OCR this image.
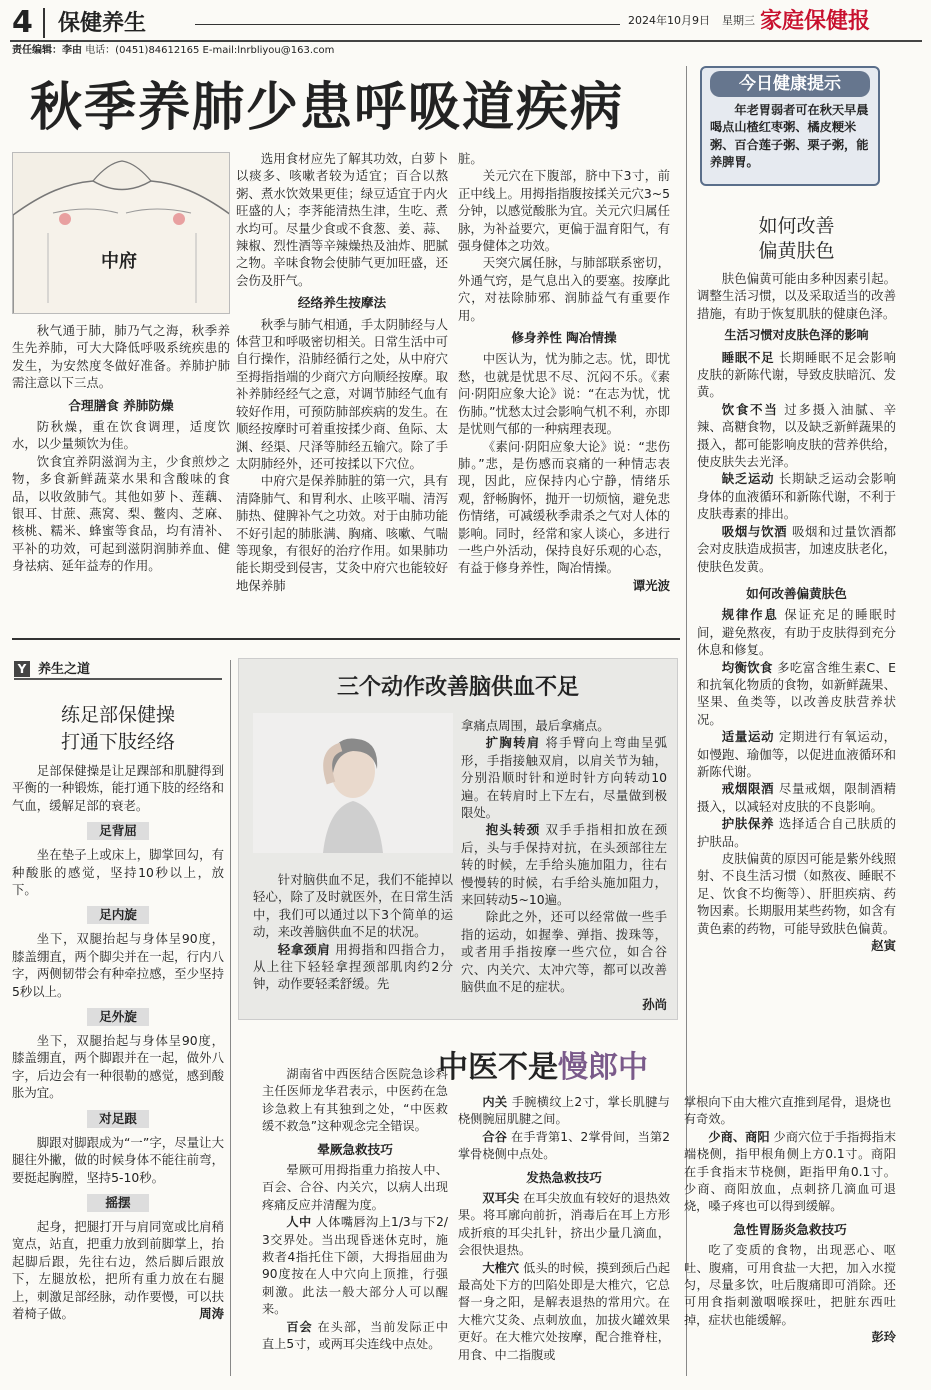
4 保健养生	2024年10月9日 星期三 家庭保健报
责任编辑：李由 电话：(0451)84612165 E-mail:lnrbliyou@163.com
秋季养肺少患呼吸道疾病
中府

秋气通于肺，肺乃气之海，秋季养生先养肺，可大大降低呼吸系统疾患的发生，为安然度冬做好准备。养肺护肺需注意以下三点。

合理膳食 养肺防燥

防秋燥，重在饮食调理，适度饮水，以少量频饮为佳。

饮食宜养阴滋润为主，少食煎炒之物，多食新鲜蔬菜水果和含酸味的食品，以收敛肺气。其他如萝卜、莲藕、银耳、甘蔗、燕窝、梨、鳖肉、芝麻、核桃、糯米、蜂蜜等食品，均有清补、平补的功效，可起到滋阴润肺养血、健身祛病、延年益寿的作用。

选用食材应先了解其功效，白萝卜以痰多、咳嗽者较为适宜；百合以熬粥、煮水饮效果更佳；绿豆适宜于内火旺盛的人；李荠能清热生津，生吃、煮水均可。尽量少食或不食葱、姜、蒜、辣椒、烈性酒等辛辣燥热及油炸、肥腻之物。辛味食物会使肺气更加旺盛，还会伤及肝气。

经络养生按摩法

秋季与肺气相通，手太阴肺经与人体营卫和呼吸密切相关。日常生活中可自行操作，沿肺经循行之处，从中府穴至拇指指端的少商穴方向顺经按摩。取补养肺经经气之意，对调节肺经气血有较好作用，可预防肺部疾病的发生。在顺经按摩时可着重按揉少商、鱼际、太渊、经渠、尺泽等肺经五输穴。除了手太阴肺经外，还可按揉以下穴位。

中府穴是保养肺脏的第一穴，具有清降肺气、和胃利水、止咳平喘、清泻肺热、健脾补气之功效。对于由肺功能不好引起的肺胀满、胸痛、咳嗽、气喘等现象，有很好的治疗作用。如果肺功能长期受到侵害，艾灸中府穴也能较好地保养肺

脏。

关元穴在下腹部，脐中下3寸，前正中线上。用拇指指腹按揉关元穴3~5分钟，以感觉酸胀为宜。关元穴归属任脉，为补益要穴，更偏于温育阳气，有强身健体之功效。

天突穴属任脉，与肺部联系密切，外通气窍，是气息出入的要塞。按摩此穴，对祛除肺邪、润肺益气有重要作用。

修身养性 陶冶情操

中医认为，忧为肺之志。忧，即忧愁，也就是忧思不尽、沉闷不乐。《素问·阴阳应象大论》说：“在志为忧，忧伤肺。”忧愁太过会影响气机不利，亦即是忧则气郁的一种病理表现。

《素问·阴阳应象大论》说：“悲伤肺。”悲，是伤感而哀痛的一种情志表现，因此，应保持内心宁静，情绪乐观，舒畅胸怀，抛开一切烦恼，避免悲伤情绪，可减缓秋季肃杀之气对人体的影响。同时，经常和家人谈心，多进行一些户外活动，保持良好乐观的心态，有益于修身养性，陶冶情操。

谭光波
今日健康提示
年老胃弱者可在秋天早晨喝点山楂红枣粥、橘皮粳米粥、百合莲子粥、栗子粥，能养脾胃。
如何改善
偏黄肤色

肤色偏黄可能由多种因素引起。调整生活习惯，以及采取适当的改善措施，有助于恢复肌肤的健康色泽。

生活习惯对皮肤色泽的影响

睡眠不足 长期睡眠不足会影响皮肤的新陈代谢，导致皮肤暗沉、发黄。

饮食不当 过多摄入油腻、辛辣、高糖食物，以及缺乏新鲜蔬果的摄入，都可能影响皮肤的营养供给，使皮肤失去光泽。

缺乏运动 长期缺乏运动会影响身体的血液循环和新陈代谢，不利于皮肤毒素的排出。

吸烟与饮酒 吸烟和过量饮酒都会对皮肤造成损害，加速皮肤老化，使肤色发黄。

如何改善偏黄肤色

规律作息 保证充足的睡眠时间，避免熬夜，有助于皮肤得到充分休息和修复。

均衡饮食 多吃富含维生素C、E和抗氧化物质的食物，如新鲜蔬果、坚果、鱼类等，以改善皮肤营养状况。

适量运动 定期进行有氧运动，如慢跑、瑜伽等，以促进血液循环和新陈代谢。

戒烟限酒 尽量戒烟，限制酒精摄入，以减轻对皮肤的不良影响。

护肤保养 选择适合自己肤质的护肤品。

皮肤偏黄的原因可能是紫外线照射、不良生活习惯（如熬夜、睡眠不足、饮食不均衡等）、肝胆疾病、药物因素。长期服用某些药物，如含有黄色素的药物，可能导致肤色偏黄。

赵寅
Y 养生之道
练足部保健操
打通下肢经络

足部保健操是让足踝部和肌腱得到平衡的一种锻炼，能打通下肢的经络和气血，缓解足部的衰老。

足背屈

坐在垫子上或床上，脚掌回勾，有种酸胀的感觉，坚持10秒以上，放下。

足内旋

坐下，双腿抬起与身体呈90度，膝盖绷直，两个脚尖并在一起，行内八字，两侧韧带会有种牵拉感，至少坚持5秒以上。

足外旋

坐下，双腿抬起与身体呈90度，膝盖绷直，两个脚跟并在一起，做外八字，后边会有一种很勒的感觉，感到酸胀为宜。

对足跟

脚跟对脚跟成为“一”字，尽量让大腿往外撇，做的时候身体不能往前弯，要挺起胸膛，坚持5-10秒。

摇摆

起身，把腿打开与肩同宽或比肩稍宽点，站直，把重力放到前脚掌上，抬起脚后跟，先往右边，然后脚后跟放下，左腿放松，把所有重力放在右腿上，刺激足部经脉，动作要慢，可以扶着椅子做。	周涛
三个动作改善脑供血不足

针对脑供血不足，我们不能掉以轻心，除了及时就医外，在日常生活中，我们可以通过以下3个简单的运动，来改善脑供血不足的状况。

轻拿颈肩 用拇指和四指合力，从上往下轻轻拿捏颈部肌肉约2分钟，动作要轻柔舒缓。先

拿痛点周围，最后拿痛点。

扩胸转肩 将手臂向上弯曲呈弧形，手指接触双肩，以肩关节为轴，分别沿顺时针和逆时针方向转动10遍。在转肩时上下左右，尽量做到极限处。

抱头转颈 双手手指相扣放在颈后，头与手保持对抗，在头颈部往左转的时候，左手给头施加阻力，往右慢慢转的时候，右手给头施加阻力，来回转动5~10遍。

除此之外，还可以经常做一些手指的运动，如握拳、弹指、拨珠等，或者用手指按摩一些穴位，如合谷穴、内关穴、太冲穴等，都可以改善脑供血不足的症状。

孙尚
中医不是慢郎中

湖南省中西医结合医院急诊科主任医师龙华君表示，中医药在急诊急救上有其独到之处，“中医救缓不救急”这种观念完全错误。

晕厥急救技巧

晕厥可用拇指重力掐按人中、百会、合谷、内关穴，以病人出现疼痛反应并清醒为度。

人中 人体嘴唇沟上1/3与下2/3交界处。当出现昏迷休克时，施救者4指托住下颌，大拇指屈曲为90度按在人中穴向上顶推，行强刺激。此法一般大部分人可以醒来。

百会 在头部，当前发际正中直上5寸，或两耳尖连线中点处。

内关 手腕横纹上2寸，掌长肌腱与桡侧腕屈肌腱之间。

合谷 在手背第1、2掌骨间，当第2掌骨桡侧中点处。

发热急救技巧

双耳尖 在耳尖放血有较好的退热效果。将耳廓向前折，消毒后在耳上方形成折痕的耳尖扎针，挤出少量几滴血，会很快退热。

大椎穴 低头的时候，摸到颈后凸起最高处下方的凹陷处即是大椎穴，它总督一身之阳，是解表退热的常用穴。在大椎穴艾灸、点刺放血，加拔火罐效果更好。在大椎穴处按摩，配合推脊柱，用食、中二指腹或

掌根向下由大椎穴直推到尾骨，退烧也有奇效。

少商、商阳 少商穴位于手指拇指末端桡侧，指甲根角侧上方0.1寸。商阳在手食指末节桡侧，距指甲角0.1寸。少商、商阳放血，点刺挤几滴血可退烧，嗓子疼也可以得到缓解。

急性胃肠炎急救技巧

吃了变质的食物，出现恶心、呕吐、腹痛，可用食盐一大把，加入水搅匀，尽量多饮，吐后腹痛即可消除。还可用食指刺激咽喉探吐，把脏东西吐掉，症状也能缓解。

彭玲
